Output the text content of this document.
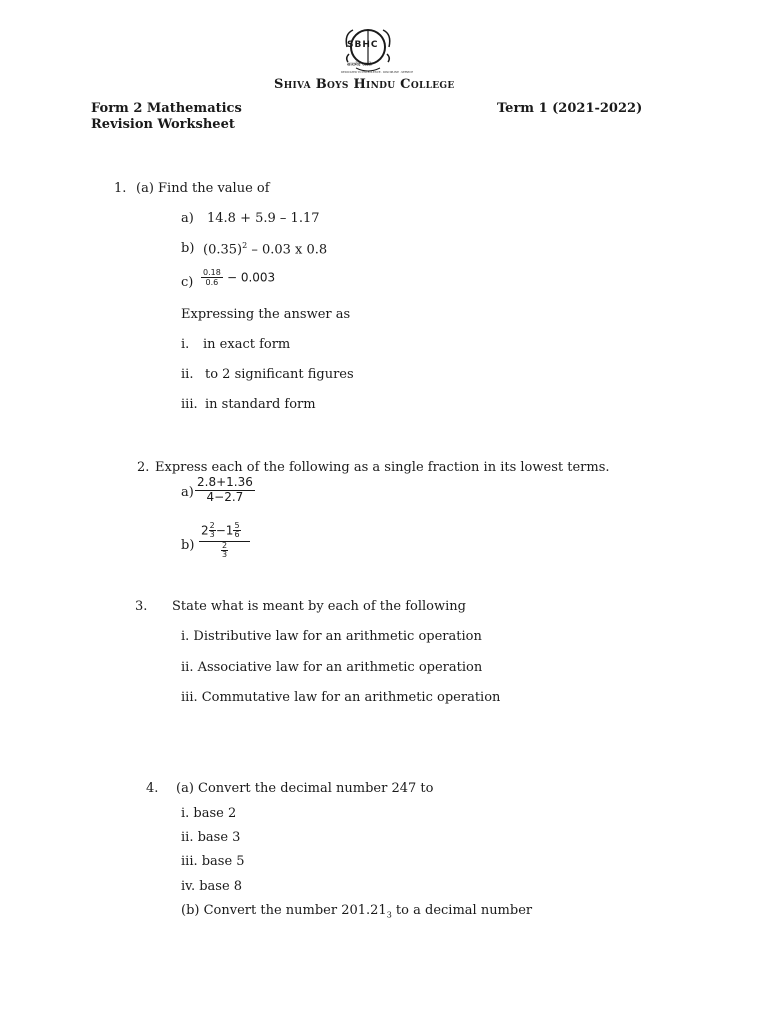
SBHC
सत्यमेव जयते
DEDICATED TO EXCELLENCE · DISCIPLINE · SERVICE
Shiva Boys Hindu College
Form 2 Mathematics
Revision Worksheet
Term 1 (2021-2022)
1. (a) Find the value of
a) 14.8 + 5.9 – 1.17
b) $(0.35)^2 - 0.03$ x 0.8
$c) \frac{0.18}{0.6} - 0.003$
Expressing the answer as
i. in exact form
ii. to 2 significant figures
iii. in standard form
2. Express each of the following as a single fraction in its lowest terms.
$a) \frac{2.8+1.36}{4-2.7}$
$b) \frac{2 \frac{2}{3} -1 \frac{5}{6}}{\frac{2}{3}}$
3. State what is meant by each of the following
i. Distributive law for an arithmetic operation
ii. Associative law for an arithmetic operation
iii. Commutative law for an arithmetic operation
4. (a) Convert the decimal number 247 to
i. base 2
ii. base 3
iii. base 5
iv. base 8
(b) Convert the number $201.21_3$ to a decimal number
